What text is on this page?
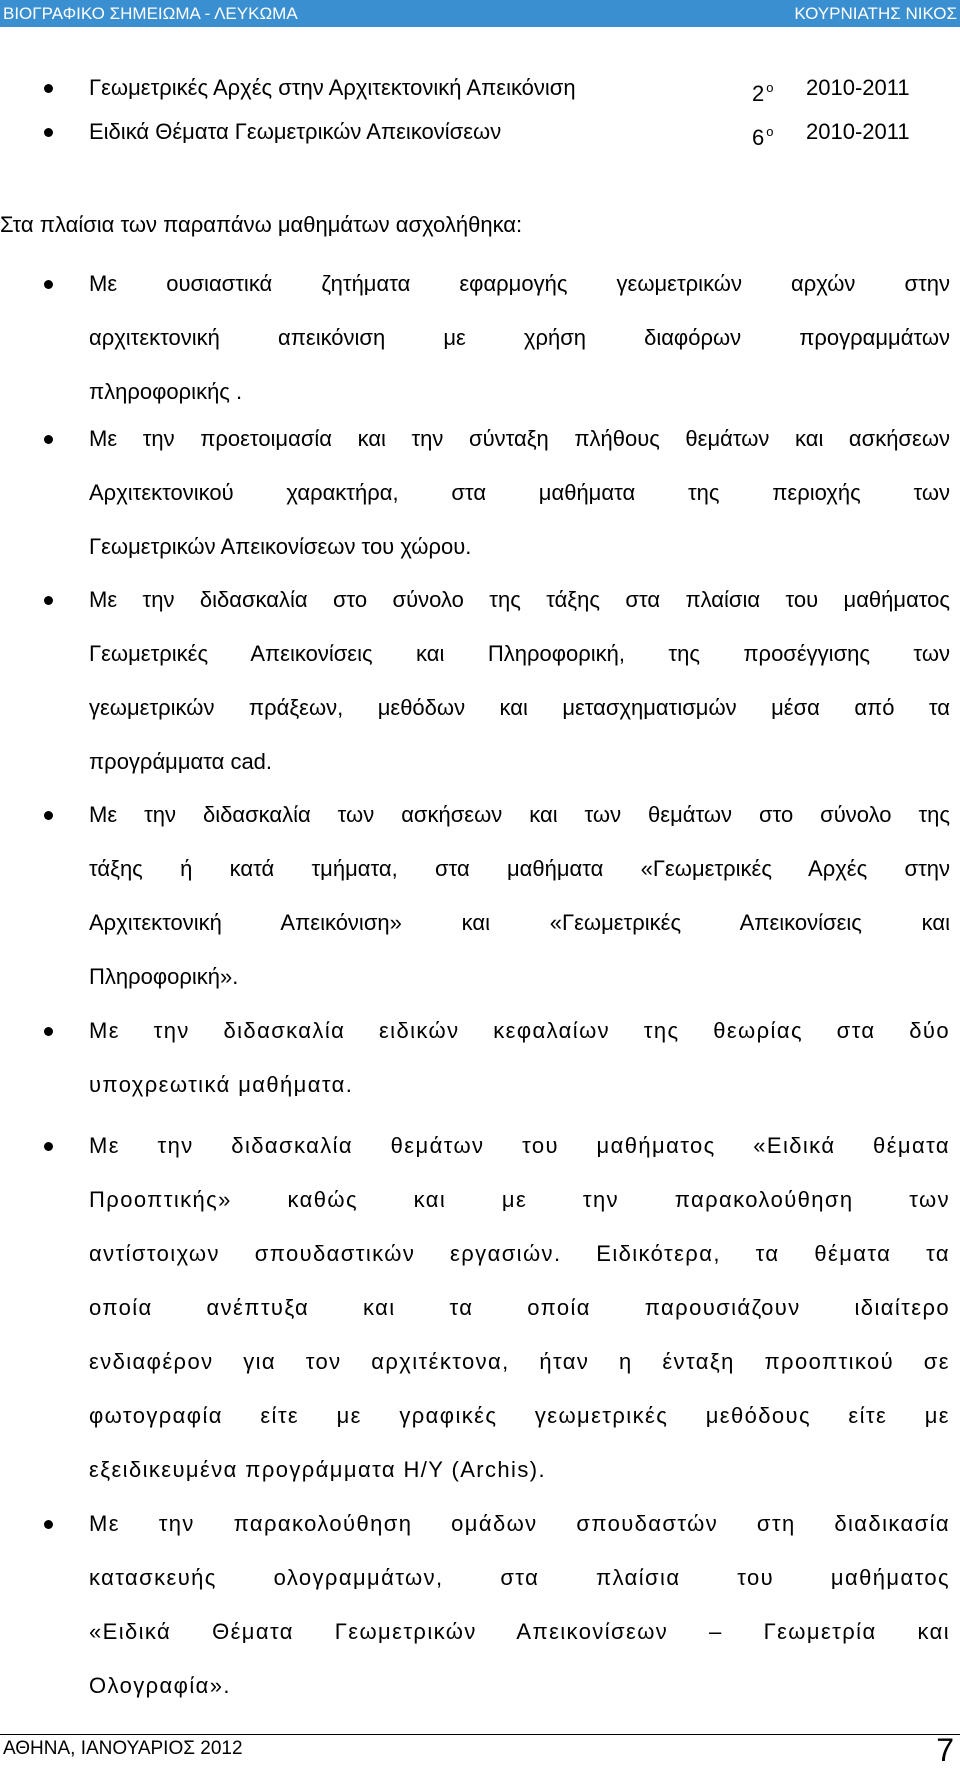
ΒΙΟΓΡΑΦΙΚΟ ΣΗΜΕΙΩΜΑ - ΛΕΥΚΩΜΑ	ΚΟΥΡΝΙΑΤΗΣ ΝΙΚΟΣ
Γεωμετρικές Αρχές στην Αρχιτεκτονική Απεικόνιση	2 $^o$ 2010-2011
Ειδικά Θέματα Γεωμετρικών Απεικονίσεων	6 $^o$ 2010-2011
Στα πλαίσια των παραπάνω μαθημάτων ασχολήθηκα:
Με ουσιαστικά ζητήματα εφαρμογής γεωμετρικών αρχών στην
αρχιτεκτονική απεικόνιση με χρήση διαφόρων προγραμμάτων
πληροφορικής .
Με την προετοιμασία και την σύνταξη πλήθους θεμάτων και ασκήσεων
Αρχιτεκτονικού χαρακτήρα, στα μαθήματα της περιοχής των
Γεωμετρικών Απεικονίσεων του χώρου.
Με την διδασκαλία στο σύνολο της τάξης στα πλαίσια του μαθήματος
Γεωμετρικές Απεικονίσεις και Πληροφορική, της προσέγγισης των
γεωμετρικών πράξεων, μεθόδων και μετασχηματισμών μέσα από τα
προγράμματα cad.
Με την διδασκαλία των ασκήσεων και των θεμάτων στο σύνολο της
τάξης ή κατά τμήματα, στα μαθήματα «Γεωμετρικές Αρχές στην
Αρχιτεκτονική Απεικόνιση» και «Γεωμετρικές Απεικονίσεις και
Πληροφορική».
Με την διδασκαλία ειδικών κεφαλαίων της θεωρίας στα δύο
υποχρεωτικά μαθήματα.
Με την διδασκαλία θεμάτων του μαθήματος «Ειδικά θέματα
Προοπτικής» καθώς και με την παρακολούθηση των
αντίστοιχων σπουδαστικών εργασιών. Ειδικότερα, τα θέματα τα
οποία ανέπτυξα και τα οποία παρουσιάζουν ιδιαίτερο
ενδιαφέρον για τον αρχιτέκτονα, ήταν η ένταξη προοπτικού σε
φωτογραφία είτε με γραφικές γεωμετρικές μεθόδους είτε με
εξειδικευμένα προγράμματα Η/Υ (Archis).
Με την παρακολούθηση ομάδων σπουδαστών στη διαδικασία
κατασκευής ολογραμμάτων, στα πλαίσια του μαθήματος
«Ειδικά Θέματα Γεωμετρικών Απεικονίσεων – Γεωμετρία και
Ολογραφία».
ΑΘΗΝΑ, ΙΑΝΟΥΑΡΙΟΣ 2012	7
